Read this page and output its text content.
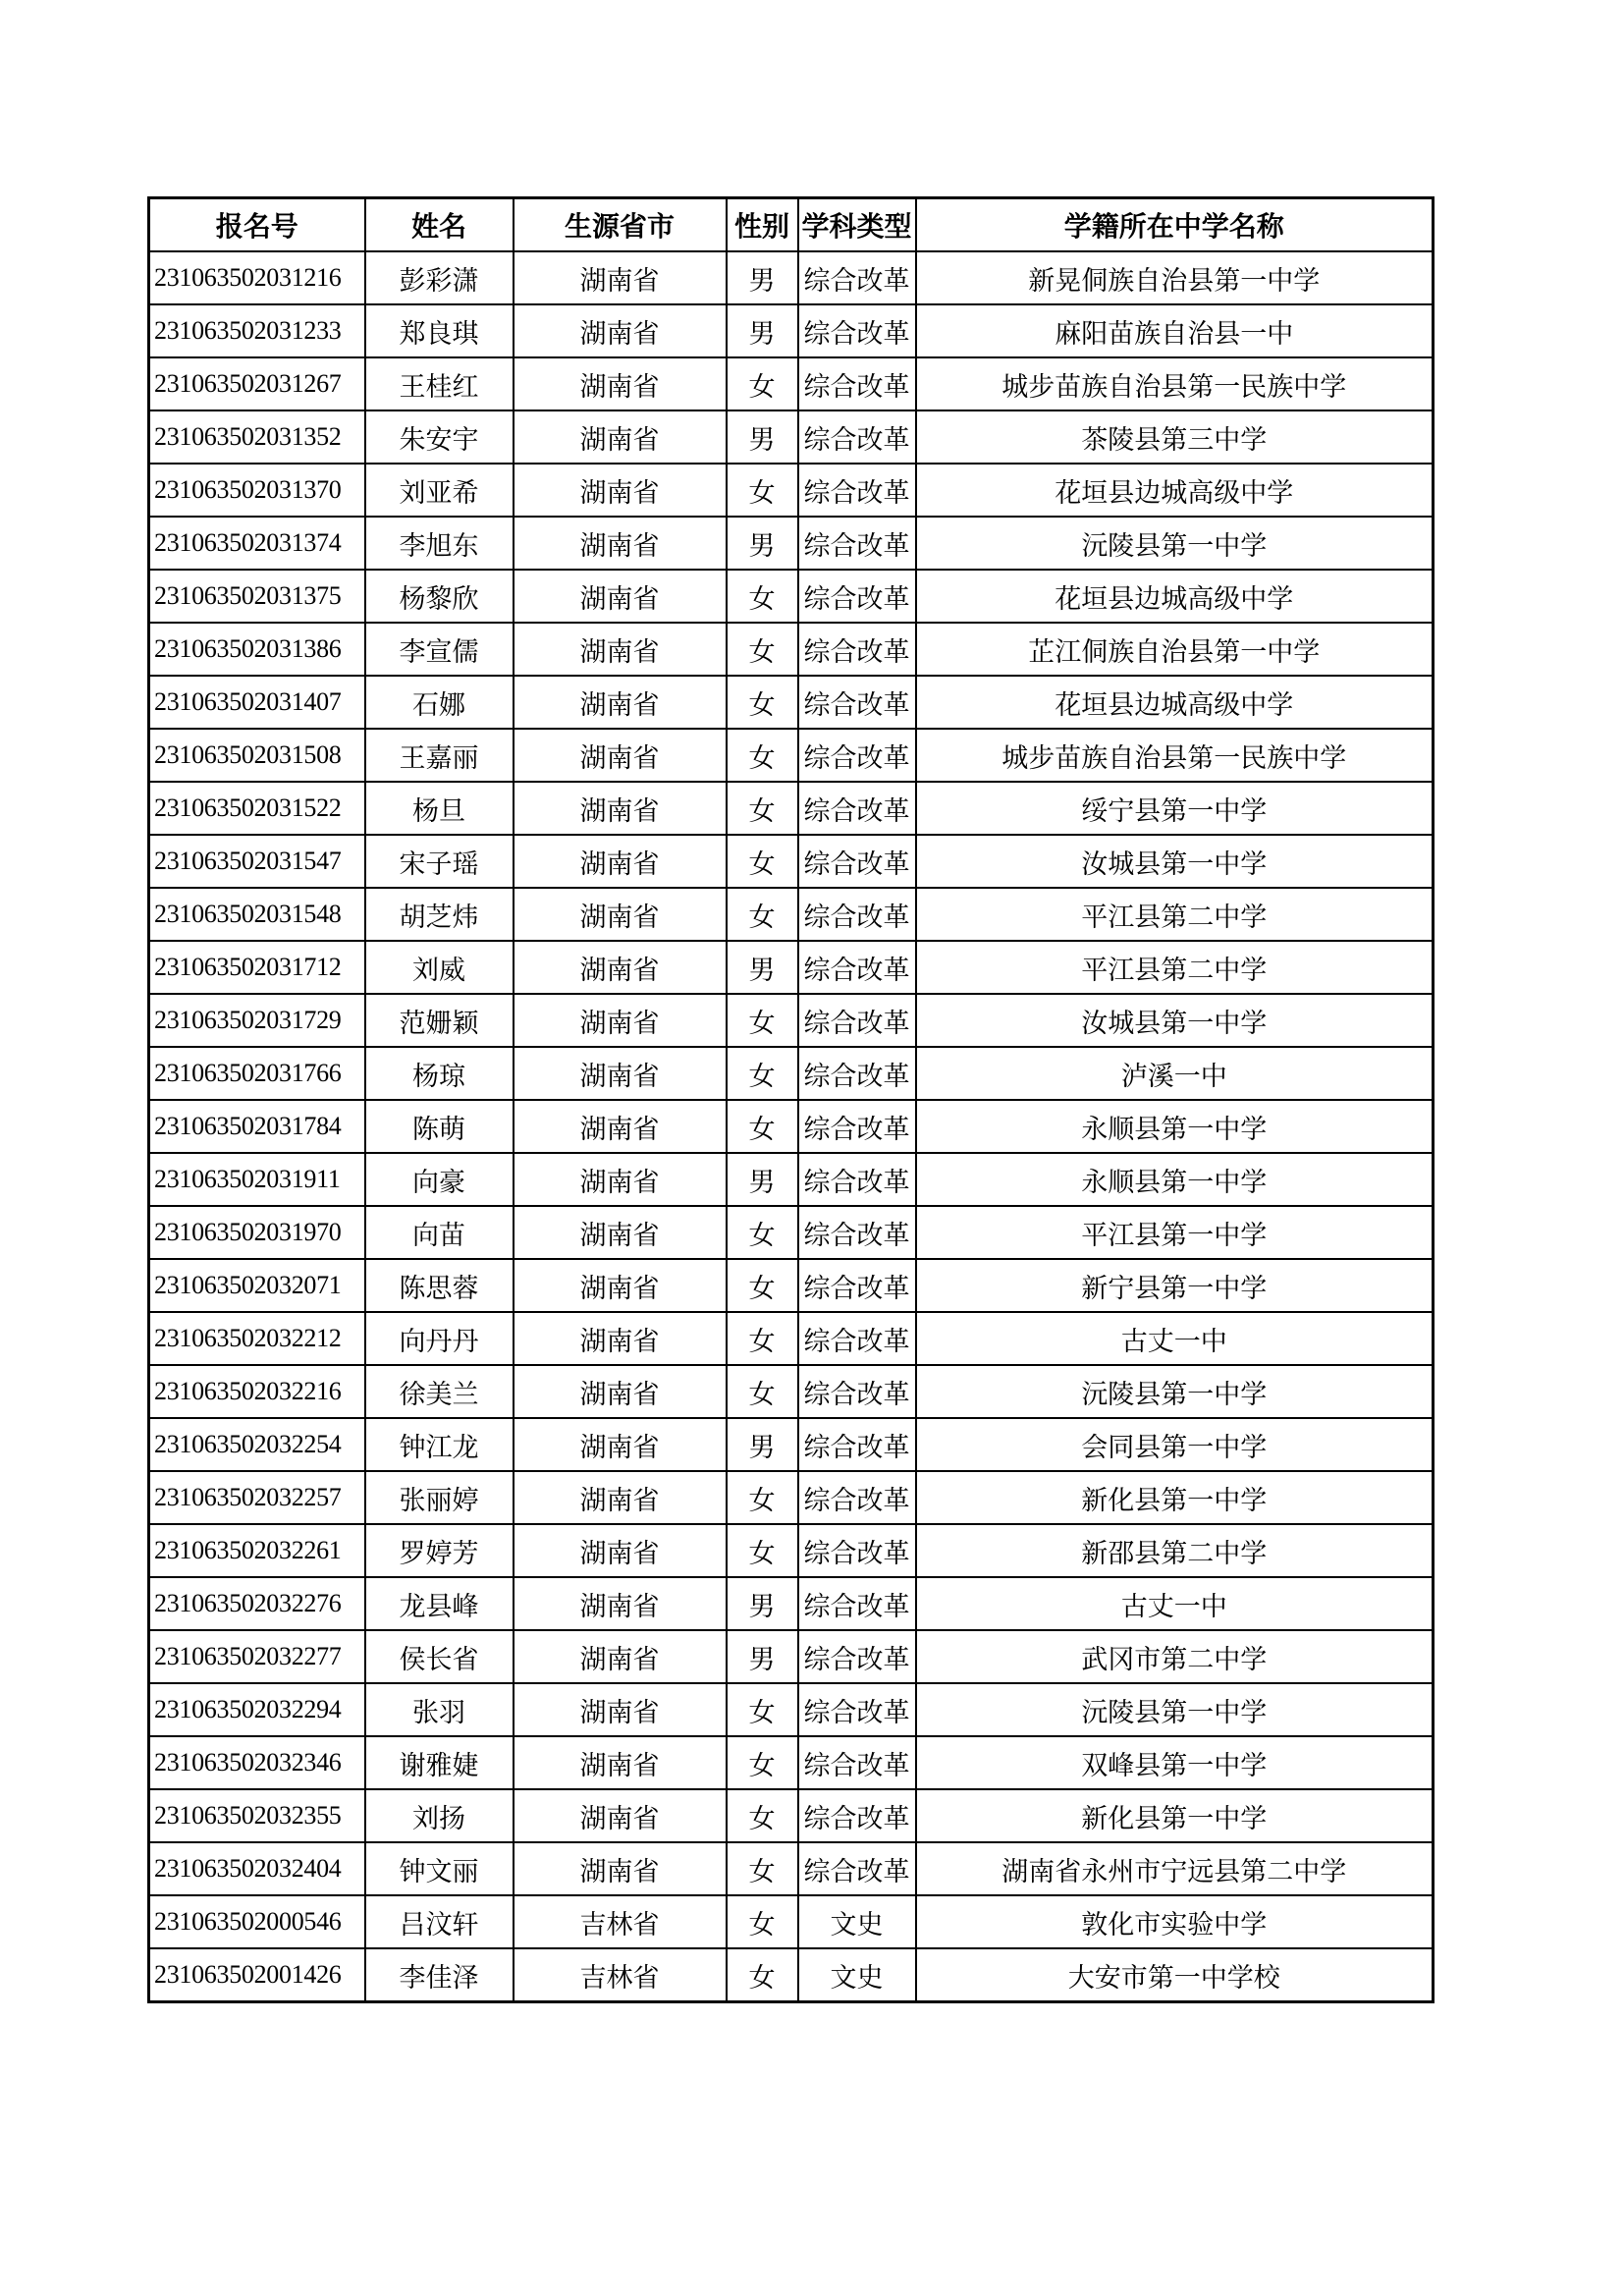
报名号	姓名	生源省市	性别	学科类型	学籍所在中学名称
231063502031216	彭彩潇	湖南省	男	综合改革	新晃侗族自治县第一中学
231063502031233	郑良琪	湖南省	男	综合改革	麻阳苗族自治县一中
231063502031267	王桂红	湖南省	女	综合改革	城步苗族自治县第一民族中学
231063502031352	朱安宇	湖南省	男	综合改革	茶陵县第三中学
231063502031370	刘亚希	湖南省	女	综合改革	花垣县边城高级中学
231063502031374	李旭东	湖南省	男	综合改革	沅陵县第一中学
231063502031375	杨黎欣	湖南省	女	综合改革	花垣县边城高级中学
231063502031386	李宣儒	湖南省	女	综合改革	芷江侗族自治县第一中学
231063502031407	石娜	湖南省	女	综合改革	花垣县边城高级中学
231063502031508	王嘉丽	湖南省	女	综合改革	城步苗族自治县第一民族中学
231063502031522	杨旦	湖南省	女	综合改革	绥宁县第一中学
231063502031547	宋子瑶	湖南省	女	综合改革	汝城县第一中学
231063502031548	胡芝炜	湖南省	女	综合改革	平江县第二中学
231063502031712	刘威	湖南省	男	综合改革	平江县第二中学
231063502031729	范姗颖	湖南省	女	综合改革	汝城县第一中学
231063502031766	杨琼	湖南省	女	综合改革	泸溪一中
231063502031784	陈萌	湖南省	女	综合改革	永顺县第一中学
231063502031911	向豪	湖南省	男	综合改革	永顺县第一中学
231063502031970	向苗	湖南省	女	综合改革	平江县第一中学
231063502032071	陈思蓉	湖南省	女	综合改革	新宁县第一中学
231063502032212	向丹丹	湖南省	女	综合改革	古丈一中
231063502032216	徐美兰	湖南省	女	综合改革	沅陵县第一中学
231063502032254	钟江龙	湖南省	男	综合改革	会同县第一中学
231063502032257	张丽婷	湖南省	女	综合改革	新化县第一中学
231063502032261	罗婷芳	湖南省	女	综合改革	新邵县第二中学
231063502032276	龙县峰	湖南省	男	综合改革	古丈一中
231063502032277	侯长省	湖南省	男	综合改革	武冈市第二中学
231063502032294	张羽	湖南省	女	综合改革	沅陵县第一中学
231063502032346	谢雅婕	湖南省	女	综合改革	双峰县第一中学
231063502032355	刘扬	湖南省	女	综合改革	新化县第一中学
231063502032404	钟文丽	湖南省	女	综合改革	湖南省永州市宁远县第二中学
231063502000546	吕汶轩	吉林省	女	文史	敦化市实验中学
231063502001426	李佳泽	吉林省	女	文史	大安市第一中学校
